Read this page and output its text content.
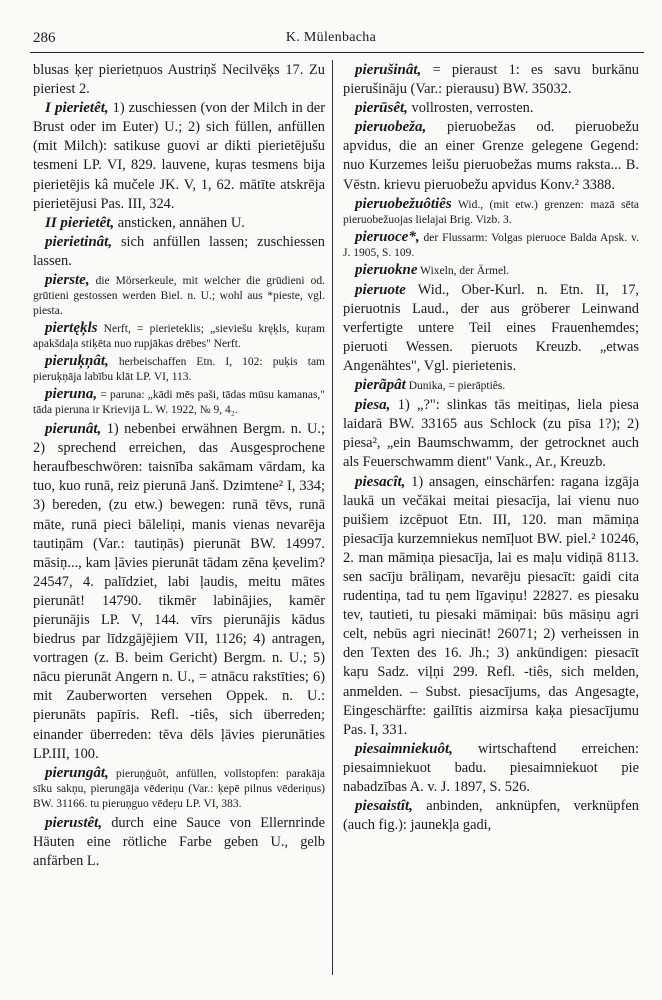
286	K. Mülenbacha

blusas ķeŗ pierietņuos Austriņš Necilvēķs 17. Zu pieriest 2.

I pierietêt, 1) zuschiessen (von der Milch in der Brust oder im Euter) U.; 2) sich füllen, anfüllen (mit Milch): satikuse guovi ar dikti pierietējušu tesmeni LP. VI, 829. lauvene, kuŗas tesmens bija pierietējis kâ mučele JK. V, 1, 62. mātīte atskrēja pierietējusi Pas. III, 324.

II pierietêt, ansticken, annähen U.

pierietinât, sich anfüllen lassen; zuschiessen lassen.

pierste, die Mörserkeule, mit welcher die grūdieni od. grūtieni gestossen werden Biel. n. U.; wohl aus *pieste, vgl. piesta.

piertęķls Nerft, = pierieteklis; „sieviešu kręķls, kuŗam apakšdaļa stiķēta nuo rupjākas drēbes" Nerft.

pieruķņât, herbeischaffen Etn. I, 102: puķis tam pieruķņāja labību klāt LP. VI, 113.

pieruna, = paruna: „kādi mēs paši, tādas mūsu kamanas," tāda pieruna ir Krievijā L. W. 1922, № 9, 4₂.

pierunât, 1) nebenbei erwähnen Bergm. n. U.; 2) sprechend erreichen, das Ausgesprochene heraufbeschwören: taisnība sakāmam vārdam, ka tuo, kuo runā, reiz pierunā Janš. Dzimtene² I, 334; 3) bereden, (zu etw.) bewegen: runā tēvs, runā māte, runā pieci bāleliņi, manis vienas nevarēja tautiņām (Var.: tautiņās) pierunāt BW. 14997. māsiņ..., kam ļāvies pierunāt tādam zēna ķevelim? 24547, 4. palīdziet, labi ļaudis, meitu mātes pierunāt! 14790. tikmēr labinājies, kamēr pierunājis LP. V, 144. vīrs pierunājis kādus biedrus par līdzgājējiem VII, 1126; 4) antragen, vortragen (z. B. beim Gericht) Bergm. n. U.; 5) nācu pierunāt Angern n. U., = atnācu rakstīties; 6) mit Zauberworten versehen Oppek. n. U.: pierunāts papīris. Refl. -tiês, sich überreden; einander überreden: tēva dēls ļāvies pierunāties LP.III, 100.

pierungât, pieruņġuôt, anfüllen, vollstopfen: parakāja sīku sakņu, pierungāja vēderiņu (Var.: ķepē pilnus vēderiņus) BW. 31166. tu pieruņguo vēdeŗu LP. VI, 383.

pierustêt, durch eine Sauce von Ellernrinde Häuten eine rötliche Farbe geben U., gelb anfärben L.

pierušinât, = pieraust 1: es savu burkānu pierušināju (Var.: pierausu) BW. 35032.

pierūsêt, vollrosten, verrosten.

pieruobeža, pieruobežas od. pieruobežu apvidus, die an einer Grenze gelegene Gegend: nuo Kurzemes leišu pieruobežas mums raksta... B. Vēstn. krievu pieruobežu apvidus Konv.² 3388.

pieruobežuôtiês Wid., (mit etw.) grenzen: mazā sēta pieruobežuojas lielajai Brig. Vizb. 3.

pieruoce*, der Flussarm: Volgas pieruoce Balda Apsk. v. J. 1905, S. 109.

pieruokne Wixeln, der Ärmel.

pieruote Wid., Ober-Kurl. n. Etn. II, 17, pieruotnis Laud., der aus gröberer Leinwand verfertigte untere Teil eines Frauenhemdes; pieruoti Wessen. pieruots Kreuzb. „etwas Angenähtes", Vgl. pierietenis.

pierãpât Dunika, = pierāptiês.

piesa, 1) „?": slinkas tās meitiņas, liela piesa laidarā BW. 33165 aus Schlock (zu pīsa 1?); 2) piesa², „ein Baumschwamm, der getrocknet auch als Feuerschwamm dient" Vank., Ar., Kreuzb.

piesacît, 1) ansagen, einschärfen: ragana izgāja laukā un večākai meitai piesacīja, lai vienu nuo puišiem izcēpuot Etn. III, 120. man māmiņa piesacīja kurzemniekus nemīļuot BW. piel.² 10246, 2. man māmiņa piesacīja, lai es maļu vidiņā 8113. sen sacīju brāliņam, nevarēju piesacīt: gaidi cita rudentiņa, tad tu ņem līgaviņu! 22827. es piesaku tev, tautieti, tu piesaki māmiņai: būs māsiņu agri celt, nebūs agri niecināt! 26071; 2) verheissen in den Texten des 16. Jh.; 3) ankündigen: piesacīt kaŗu Sadz. viļņi 299. Refl. -tiês, sich melden, anmelden. – Subst. piesacījums, das Angesagte, Eingeschärfte: gailītis aizmirsa kaķa piesacījumu Pas. I, 331.

piesaimniekuôt, wirtschaftend erreichen: piesaimniekuot badu. piesaimniekuot pie nabadzības A. v. J. 1897, S. 526.

piesaistît, anbinden, anknüpfen, verknüpfen (auch fig.): jaunekļa gadi,
